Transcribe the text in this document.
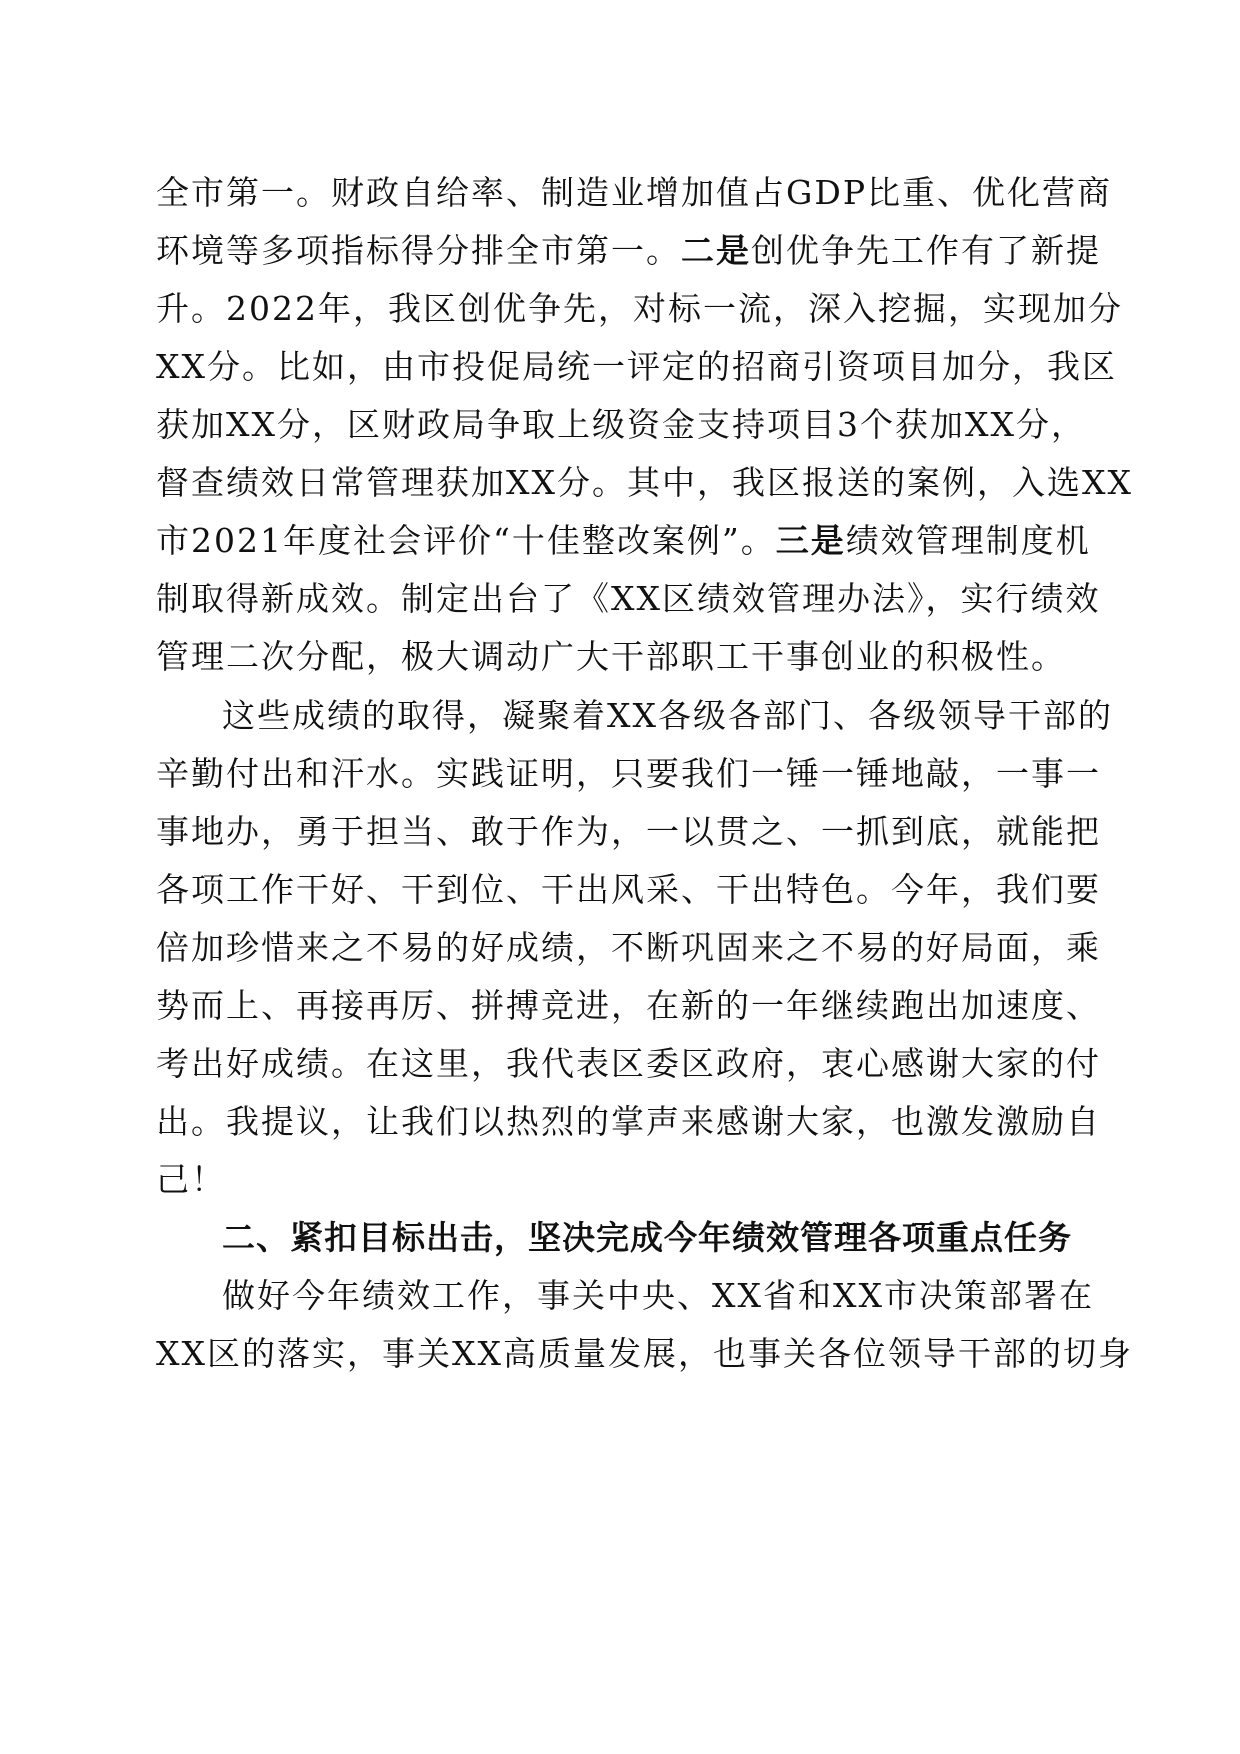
全市第一。财政自给率、制造业增加值占GDP比重、优化营商
环境等多项指标得分排全市第一。二是创优争先工作有了新提
升。2022年，我区创优争先，对标一流，深入挖掘，实现加分
XX分。比如，由市投促局统一评定的招商引资项目加分，我区
获加XX分，区财政局争取上级资金支持项目3个获加XX分，
督查绩效日常管理获加XX分。其中，我区报送的案例，入选XX
市2021年度社会评价“十佳整改案例”。三是绩效管理制度机
制取得新成效。制定出台了《XX区绩效管理办法》，实行绩效
管理二次分配，极大调动广大干部职工干事创业的积极性。
这些成绩的取得，凝聚着XX各级各部门、各级领导干部的
辛勤付出和汗水。实践证明，只要我们一锤一锤地敲，一事一
事地办，勇于担当、敢于作为，一以贯之、一抓到底，就能把
各项工作干好、干到位、干出风采、干出特色。今年，我们要
倍加珍惜来之不易的好成绩，不断巩固来之不易的好局面，乘
势而上、再接再厉、拼搏竞进，在新的一年继续跑出加速度、
考出好成绩。在这里，我代表区委区政府，衷心感谢大家的付
出。我提议，让我们以热烈的掌声来感谢大家，也激发激励自
己！
二、紧扣目标出击，坚决完成今年绩效管理各项重点任务
做好今年绩效工作，事关中央、XX省和XX市决策部署在
XX区的落实，事关XX高质量发展，也事关各位领导干部的切身
